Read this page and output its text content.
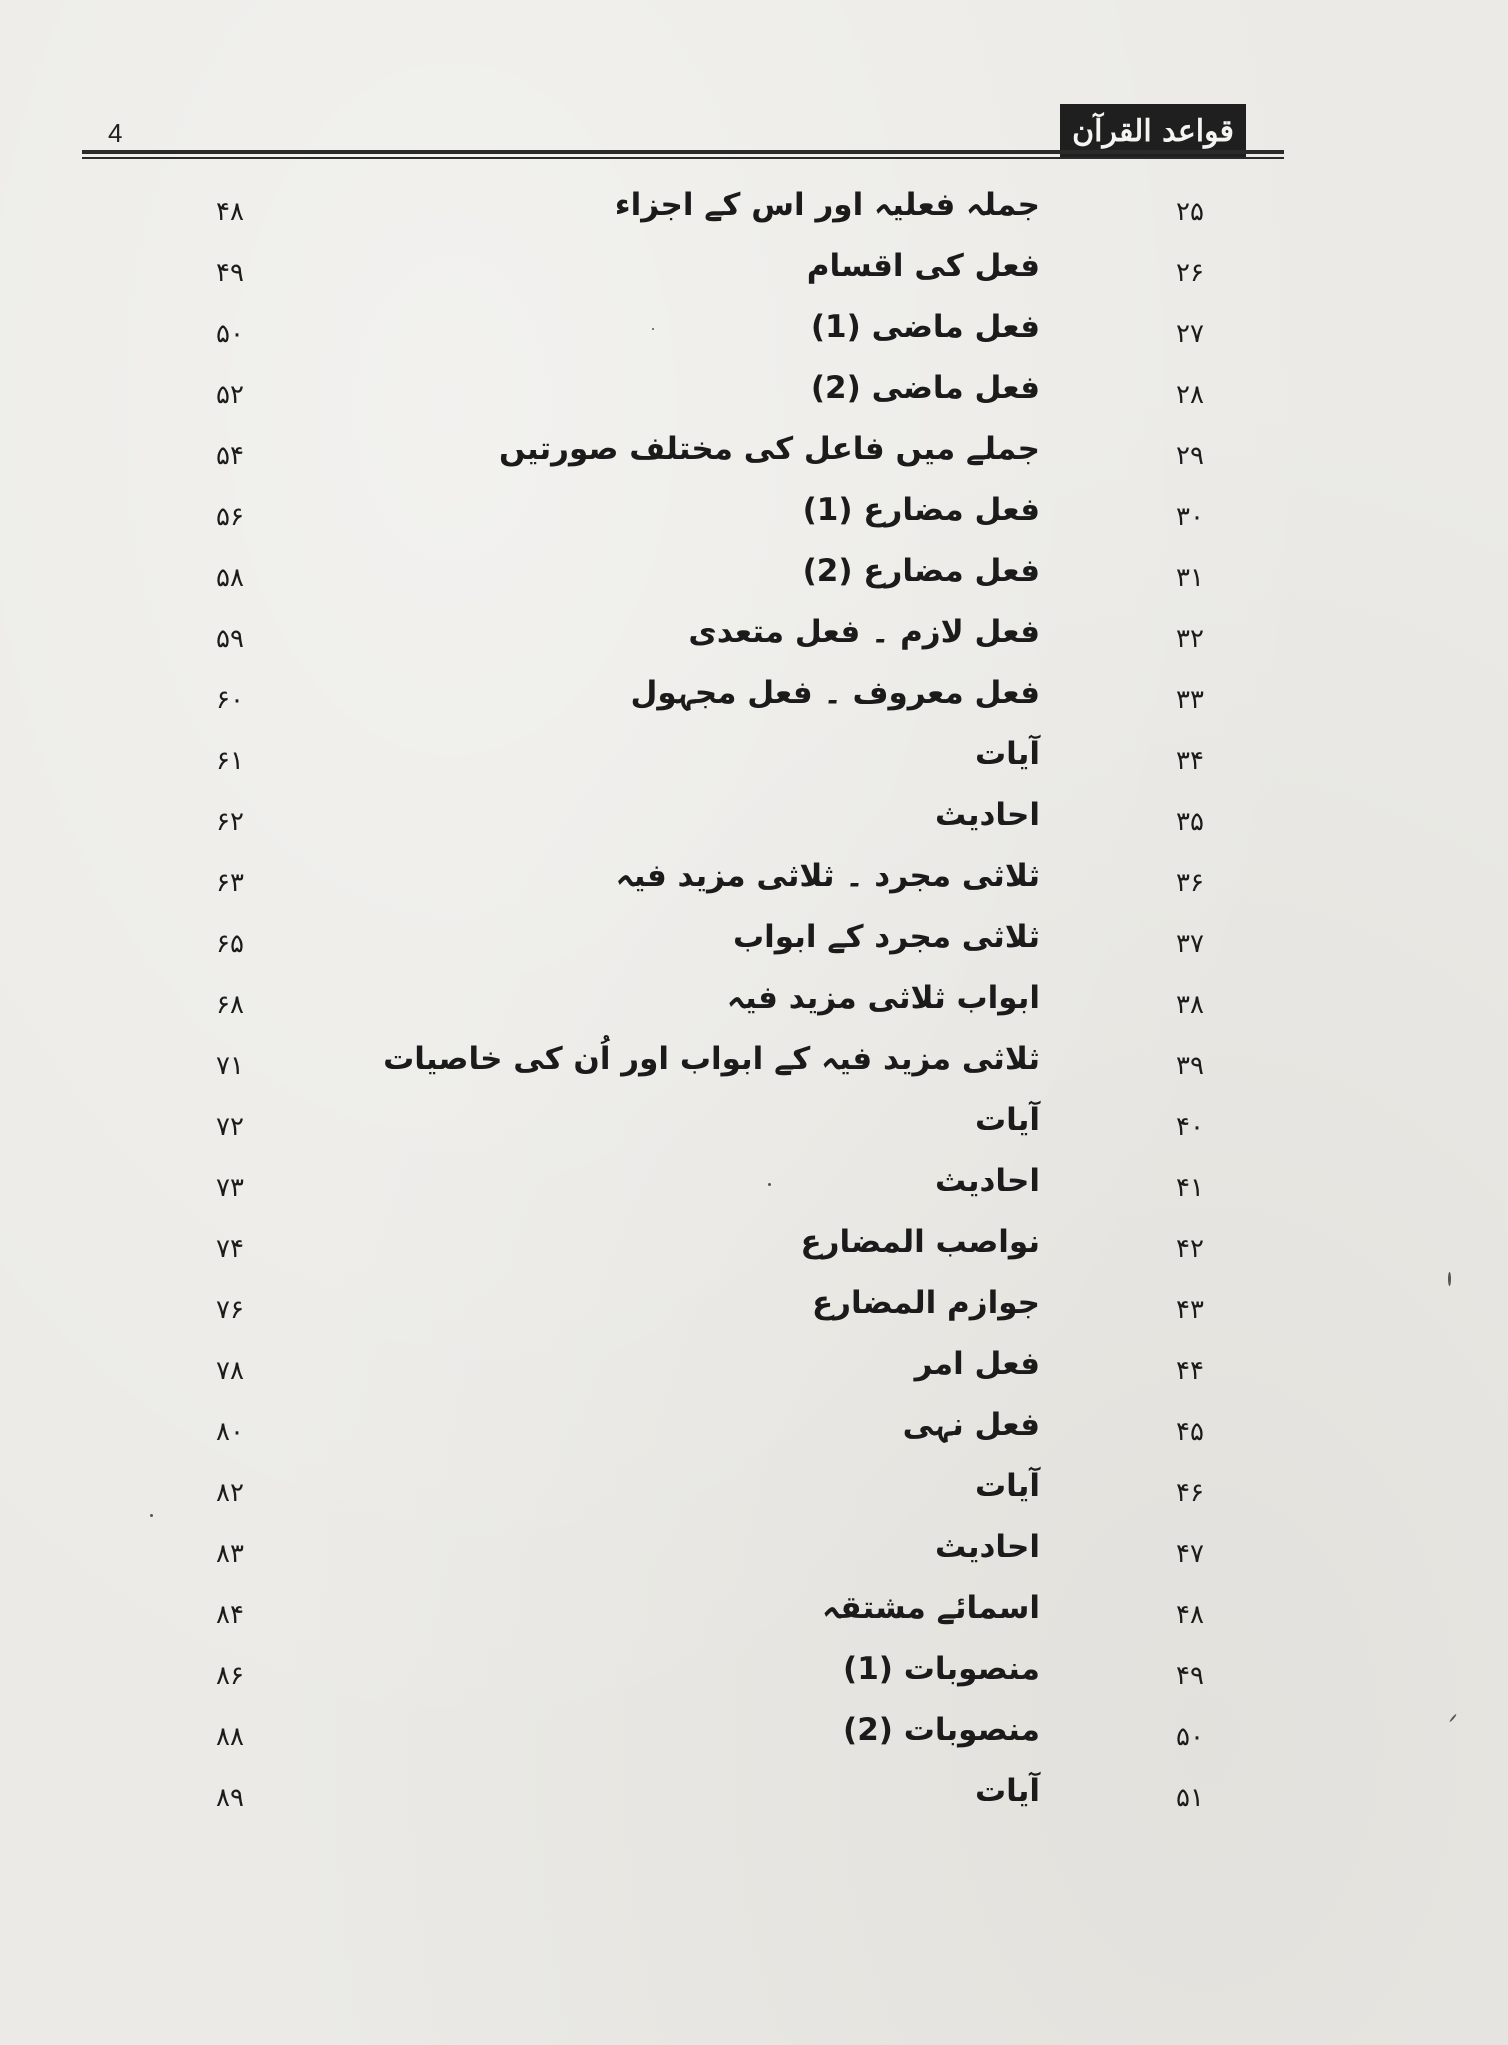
4	قواعد القرآن
۲۵
جملہ فعلیہ اور اس کے اجزاء
۴۸
۲۶
فعل کی اقسام
۴۹
۲۷
فعل ماضی (1)
۵۰
۲۸
فعل ماضی (2)
۵۲
۲۹
جملے میں فاعل کی مختلف صورتیں
۵۴
۳۰
فعل مضارع (1)
۵۶
۳۱
فعل مضارع (2)
۵۸
۳۲
فعل لازم ۔ فعل متعدی
۵۹
۳۳
فعل معروف ۔ فعل مجہول
۶۰
۳۴
آیات
۶۱
۳۵
احادیث
۶۲
۳۶
ثلاثی مجرد ۔ ثلاثی مزید فیہ
۶۳
۳۷
ثلاثی مجرد کے ابواب
۶۵
۳۸
ابواب ثلاثی مزید فیہ
۶۸
۳۹
ثلاثی مزید فیہ کے ابواب اور اُن کی خاصیات
۷۱
۴۰
آیات
۷۲
۴۱
احادیث
۷۳
۴۲
نواصب المضارع
۷۴
۴۳
جوازم المضارع
۷۶
۴۴
فعل امر
۷۸
۴۵
فعل نہی
۸۰
۴۶
آیات
۸۲
۴۷
احادیث
۸۳
۴۸
اسمائے مشتقہ
۸۴
۴۹
منصوبات (1)
۸۶
۵۰
منصوبات (2)
۸۸
۵۱
آیات
۸۹
